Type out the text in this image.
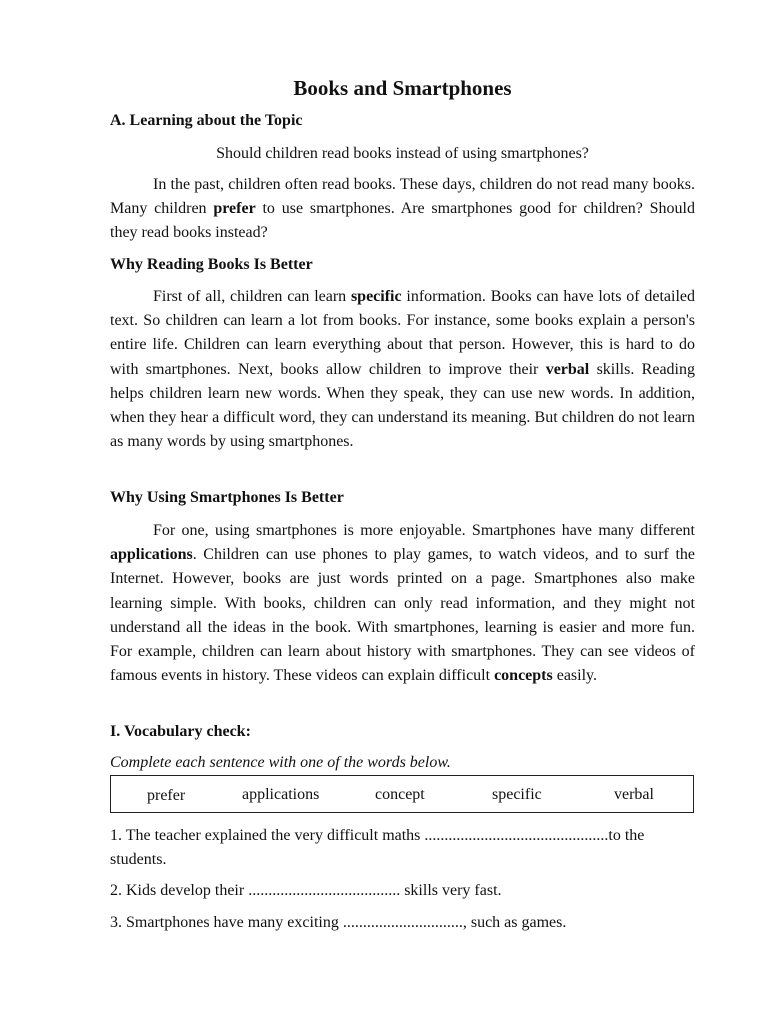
Books and Smartphones
A. Learning about the Topic
Should children read books instead of using smartphones?

In the past, children often read books. These days, children do not read many books. Many children prefer to use smartphones. Are smartphones good for children? Should they read books instead?

Why Reading Books Is Better

First of all, children can learn specific information. Books can have lots of detailed text. So children can learn a lot from books. For instance, some books explain a person's entire life. Children can learn everything about that person. However, this is hard to do with smartphones. Next, books allow children to improve their verbal skills. Reading helps children learn new words. When they speak, they can use new words. In addition, when they hear a difficult word, they can understand its meaning. But children do not learn as many words by using smartphones.

Why Using Smartphones Is Better

For one, using smartphones is more enjoyable. Smartphones have many different applications. Children can use phones to play games, to watch videos, and to surf the Internet. However, books are just words printed on a page. Smartphones also make learning simple. With books, children can only read information, and they might not understand all the ideas in the book. With smartphones, learning is easier and more fun. For example, children can learn about history with smartphones. They can see videos of famous events in history. These videos can explain difficult concepts easily.

I. Vocabulary check:
Complete each sentence with one of the words below.
prefer	applications	concept	specific	verbal

1. The teacher explained the very difficult maths ..............................................to the students.

2. Kids develop their ...................................... skills very fast.

3. Smartphones have many exciting .............................., such as games.
